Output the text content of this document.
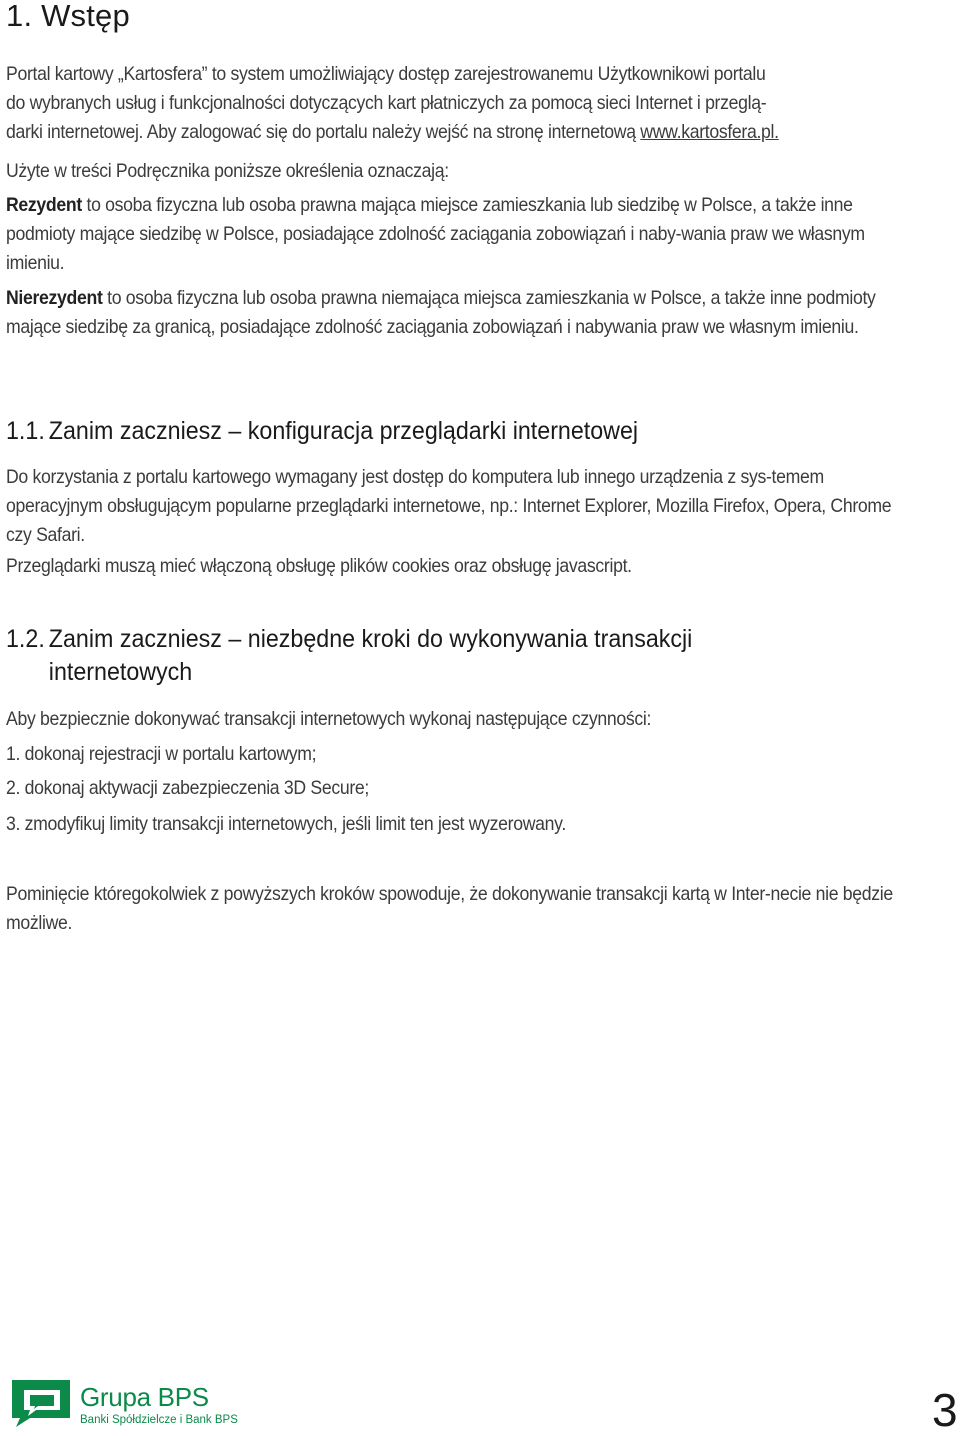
1. Wstęp
Portal kartowy „Kartosfera” to system umożliwiający dostęp zarejestrowanemu Użytkownikowi portalu
do wybranych usług i funkcjonalności dotyczących kart płatniczych za pomocą sieci Internet i przeglą-
darki internetowej. Aby zalogować się do portalu należy wejść na stronę internetową www.kartosfera.pl.
Użyte w treści Podręcznika poniższe określenia oznaczają:
Rezydent to osoba fizyczna lub osoba prawna mająca miejsce zamieszkania lub siedzibę w Polsce, a także inne podmioty mające siedzibę w Polsce, posiadające zdolność zaciągania zobowiązań i naby-wania praw we własnym imieniu.
Nierezydent to osoba fizyczna lub osoba prawna niemająca miejsca zamieszkania w Polsce, a także inne podmioty mające siedzibę za granicą, posiadające zdolność zaciągania zobowiązań i nabywania praw we własnym imieniu.
1.1. Zanim zaczniesz – konfiguracja przeglądarki internetowej
Do korzystania z portalu kartowego wymagany jest dostęp do komputera lub innego urządzenia z sys-temem operacyjnym obsługującym popularne przeglądarki internetowe, np.: Internet Explorer, Mozilla Firefox, Opera, Chrome czy Safari.
Przeglądarki muszą mieć włączoną obsługę plików cookies oraz obsługę javascript.
1.2. Zanim zaczniesz – niezbędne kroki do wykonywania transakcji
internetowych
Aby bezpiecznie dokonywać transakcji internetowych wykonaj następujące czynności:
1. dokonaj rejestracji w portalu kartowym;
2. dokonaj aktywacji zabezpieczenia 3D Secure;
3. zmodyfikuj limity transakcji internetowych, jeśli limit ten jest wyzerowany.
Pominięcie któregokolwiek z powyższych kroków spowoduje, że dokonywanie transakcji kartą w Inter-necie nie będzie możliwe.
Grupa BPS
Banki Spółdzielcze i Bank BPS	3
